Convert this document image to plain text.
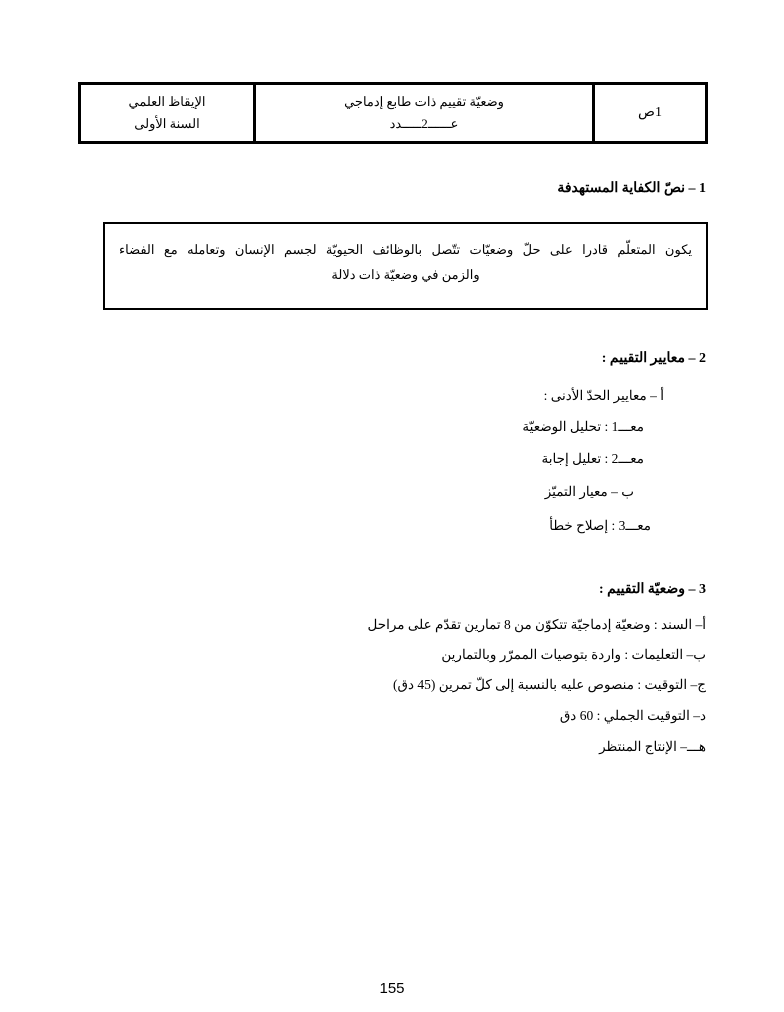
1ص
وضعيّة تقييم ذات طابع إدماجي
عــــــ2ـــــدد
الإيقاظ العلمي
السنة الأولى
1 – نصّ الكفاية المستهدفة
يكون المتعلّم قادرا على حلّ وضعيّات تتّصل بالوظائف الحيويّة لجسم الإنسان وتعامله مع الفضاء
والزمن في وضعيّة ذات دلالة
2 – معايير التقييم :
أ – معايير الحدّ الأدنى :
معـــ1 : تحليل الوضعيّة
معـــ2 : تعليل إجابة
ب – معيار التميّز
معـــ3 : إصلاح خطأ
3 – وضعيّة التقييم :
أ– السند : وضعيّة إدماجيّة تتكوّن من 8 تمارين تقدّم على مراحل
ب– التعليمات : واردة بتوصيات الممرّر وبالتمارين
ج– التوقيت : منصوص عليه بالنسبة إلى كلّ تمرين (45 دق)
د– التوقيت الجملي : 60 دق
هـــ– الإنتاج المنتظر
155
